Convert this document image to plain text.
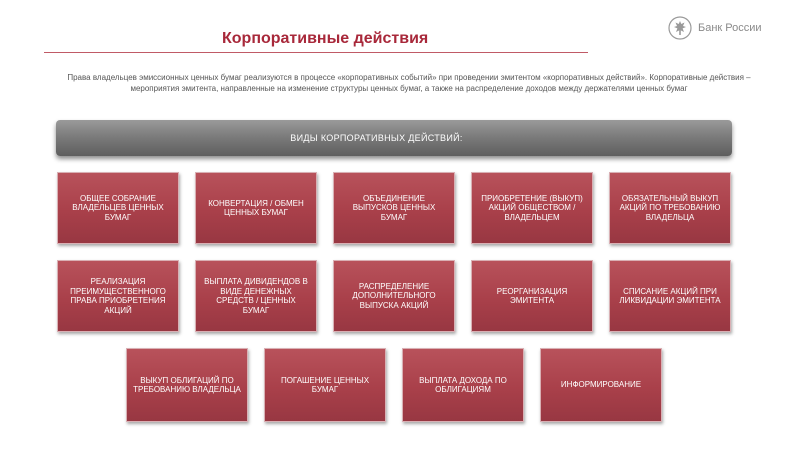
Корпоративные действия
Банк России
Права владельцев эмиссионных ценных бумаг реализуются в процессе «корпоративных событий» при проведении эмитентом «корпоративных действий». Корпоративные действия – мероприятия эмитента, направленные на изменение структуры ценных бумаг, а также на распределение доходов между держателями ценных бумаг
ВИДЫ КОРПОРАТИВНЫХ ДЕЙСТВИЙ:
ОБЩЕЕ СОБРАНИЕ ВЛАДЕЛЬЦЕВ ЦЕННЫХ БУМАГ
КОНВЕРТАЦИЯ / ОБМЕН ЦЕННЫХ БУМАГ
ОБЪЕДИНЕНИЕ ВЫПУСКОВ ЦЕННЫХ БУМАГ
ПРИОБРЕТЕНИЕ (ВЫКУП) АКЦИЙ ОБЩЕСТВОМ / ВЛАДЕЛЬЦЕМ
ОБЯЗАТЕЛЬНЫЙ ВЫКУП АКЦИЙ ПО ТРЕБОВАНИЮ ВЛАДЕЛЬЦА
РЕАЛИЗАЦИЯ ПРЕИМУЩЕСТВЕННОГО ПРАВА ПРИОБРЕТЕНИЯ АКЦИЙ
ВЫПЛАТА ДИВИДЕНДОВ В ВИДЕ ДЕНЕЖНЫХ СРЕДСТВ / ЦЕННЫХ БУМАГ
РАСПРЕДЕЛЕНИЕ ДОПОЛНИТЕЛЬНОГО ВЫПУСКА АКЦИЙ
РЕОРГАНИЗАЦИЯ ЭМИТЕНТА
СПИСАНИЕ АКЦИЙ ПРИ ЛИКВИДАЦИИ ЭМИТЕНТА
ВЫКУП ОБЛИГАЦИЙ ПО ТРЕБОВАНИЮ ВЛАДЕЛЬЦА
ПОГАШЕНИЕ ЦЕННЫХ БУМАГ
ВЫПЛАТА ДОХОДА ПО ОБЛИГАЦИЯМ
ИНФОРМИРОВАНИЕ
